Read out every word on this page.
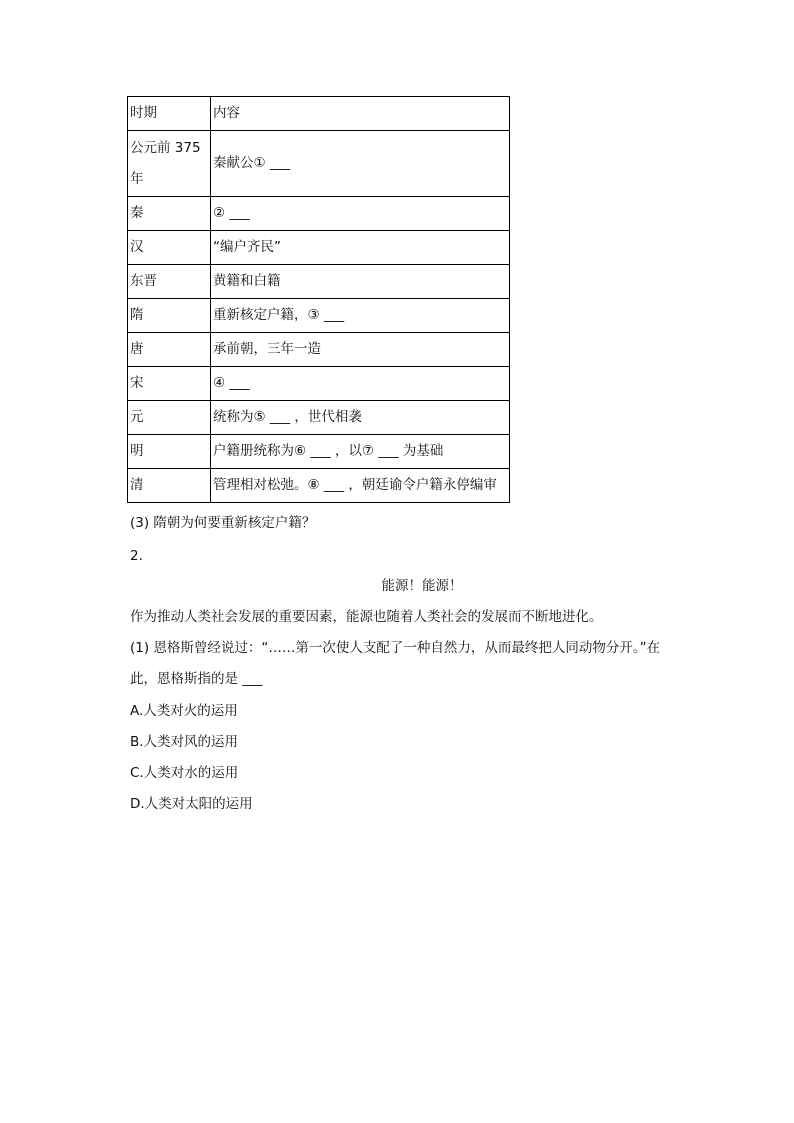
时期	内容
公元前 375 年	秦献公① ___
秦	② ___
汉	“编户齐民”
东晋	黄籍和白籍
隋	重新核定户籍，③ ___
唐	承前朝，三年一造
宋	④ ___
元	统称为⑤ ___ ，世代相袭
明	户籍册统称为⑥ ___ ，以⑦ ___ 为基础
清	管理相对松弛。⑧ ___ ，朝廷谕令户籍永停编审
(3) 隋朝为何要重新核定户籍？
2.
能源！能源！
作为推动人类社会发展的重要因素，能源也随着人类社会的发展而不断地进化。
(1) 恩格斯曾经说过：“……第一次使人支配了一种自然力，从而最终把人同动物分开。”在
此，恩格斯指的是 ___
A.人类对火的运用
B.人类对风的运用
C.人类对水的运用
D.人类对太阳的运用
